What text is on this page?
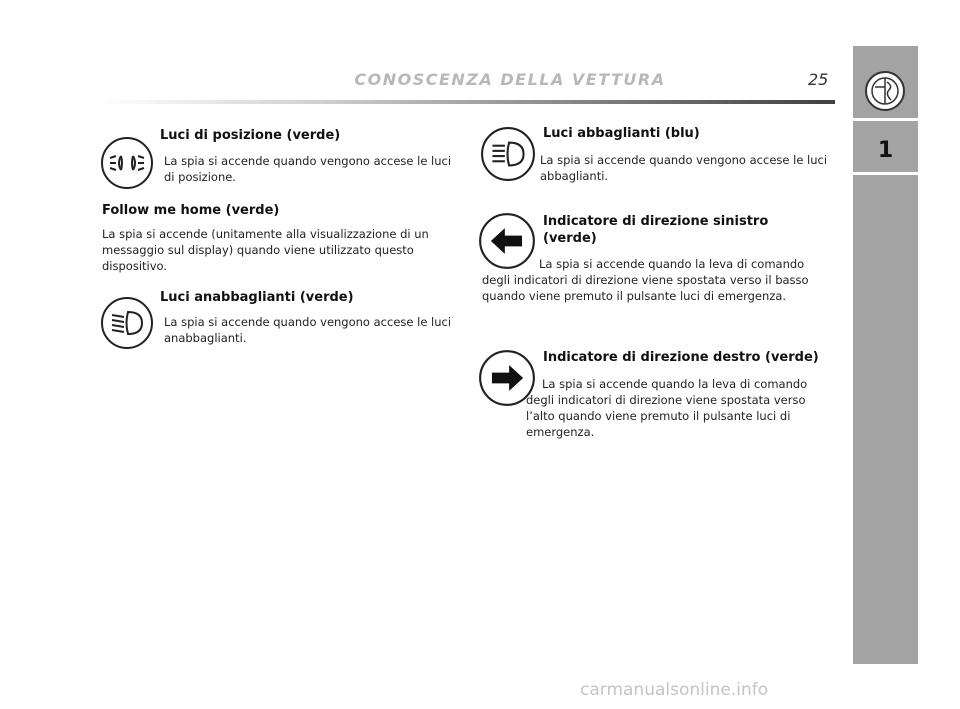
CONOSCENZA DELLA VETTURA	25
1
Luci di posizione (verde)

La spia si accende quando vengono accese le luci di posizione.

Follow me home (verde)

La spia si accende (unitamente alla visualizzazione di un messaggio sul display) quando viene utilizzato questo dispositivo.

Luci anabbaglianti (verde)

La spia si accende quando vengono accese le luci anabbaglianti.

Luci abbaglianti (blu)

La spia si accende quando vengono accese le luci abbaglianti.

Indicatore di direzione sinistro
(verde)

La spia si accende quando la leva di comando degli indicatori di direzione viene spostata verso il basso quando viene premuto il pulsante luci di emergenza.

Indicatore di direzione destro (verde)

La spia si accende quando la leva di comando degli indicatori di direzione viene spostata verso l’alto quando viene premuto il pulsante luci di emergenza.

carmanualsonline.info
